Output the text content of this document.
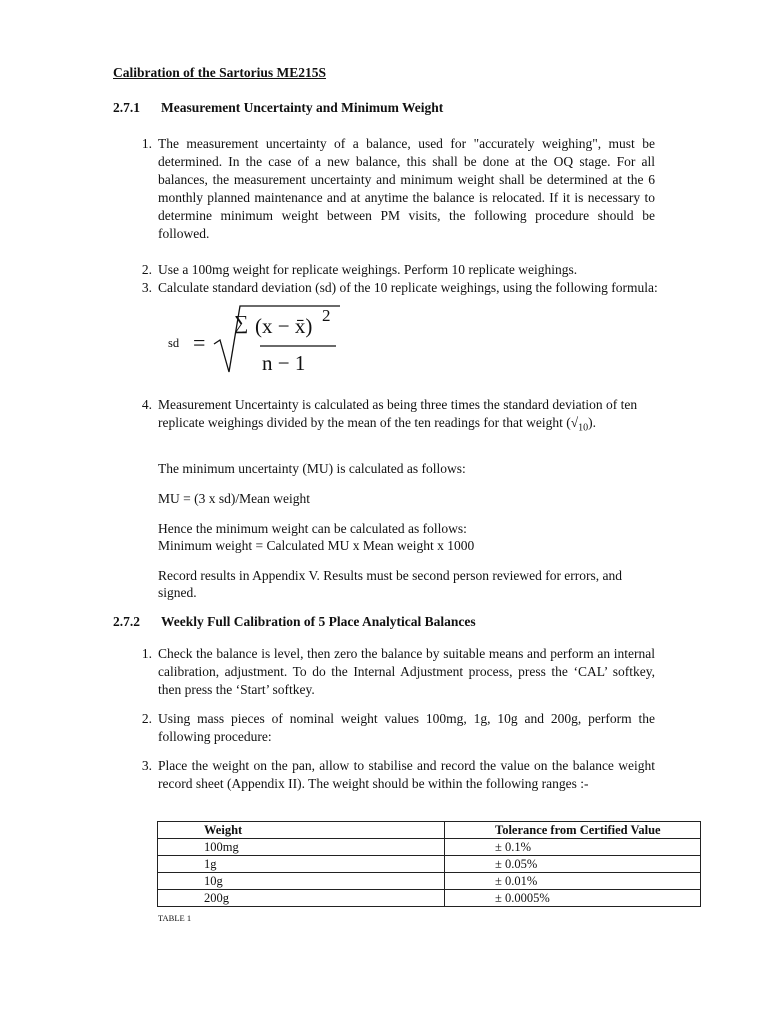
Calibration of the Sartorius ME215S
2.7.1 Measurement Uncertainty and Minimum Weight
1. The measurement uncertainty of a balance, used for "accurately weighing", must be determined. In the case of a new balance, this shall be done at the OQ stage. For all balances, the measurement uncertainty and minimum weight shall be determined at the 6 monthly planned maintenance and at anytime the balance is relocated. If it is necessary to determine minimum weight between PM visits, the following procedure should be followed.
2. Use a 100mg weight for replicate weighings. Perform 10 replicate weighings.
3. Calculate standard deviation (sd) of the 10 replicate weighings, using the following formula:
sd =
∑ (x − x̄) 2
n − 1
4. Measurement Uncertainty is calculated as being three times the standard deviation of ten replicate weighings divided by the mean of the ten readings for that weight $(√_{10})$.
The minimum uncertainty (MU) is calculated as follows:
MU = (3 x sd)/Mean weight
Hence the minimum weight can be calculated as follows:
Minimum weight = Calculated MU x Mean weight x 1000
Record results in Appendix V. Results must be second person reviewed for errors, and signed.
2.7.2 Weekly Full Calibration of 5 Place Analytical Balances
1. Check the balance is level, then zero the balance by suitable means and perform an internal calibration, adjustment. To do the Internal Adjustment process, press the ‘CAL’ softkey, then press the ‘Start’ softkey.
2. Using mass pieces of nominal weight values 100mg, 1g, 10g and 200g, perform the following procedure:
3. Place the weight on the pan, allow to stabilise and record the value on the balance weight record sheet (Appendix II). The weight should be within the following ranges :-
Weight	Tolerance from Certified Value
100mg	± 0.1%
1g	± 0.05%
10g	± 0.01%
200g	± 0.0005%
TABLE 1
